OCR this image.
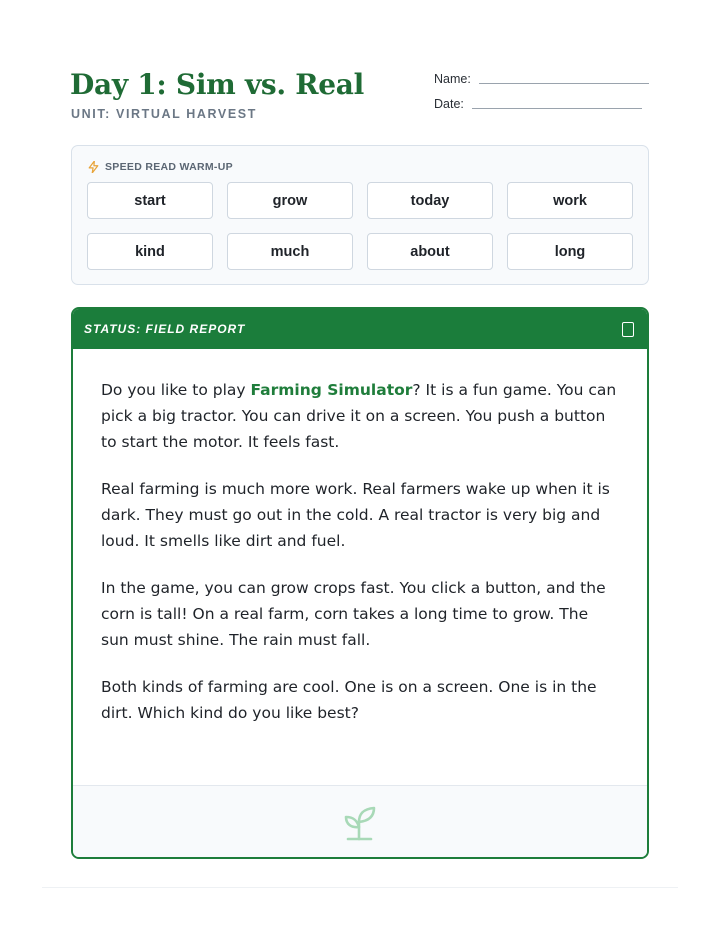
Day 1: Sim vs. Real
UNIT: VIRTUAL HARVEST
Name:
Date:
SPEED READ WARM-UP
start	grow	today	work
kind	much	about	long
STATUS: FIELD REPORT

Do you like to play Farming Simulator? It is a fun game. You can pick a big tractor. You can drive it on a screen. You push a button to start the motor. It feels fast.

Real farming is much more work. Real farmers wake up when it is dark. They must go out in the cold. A real tractor is very big and loud. It smells like dirt and fuel.

In the game, you can grow crops fast. You click a button, and the corn is tall! On a real farm, corn takes a long time to grow. The sun must shine. The rain must fall.

Both kinds of farming are cool. One is on a screen. One is in the dirt. Which kind do you like best?
